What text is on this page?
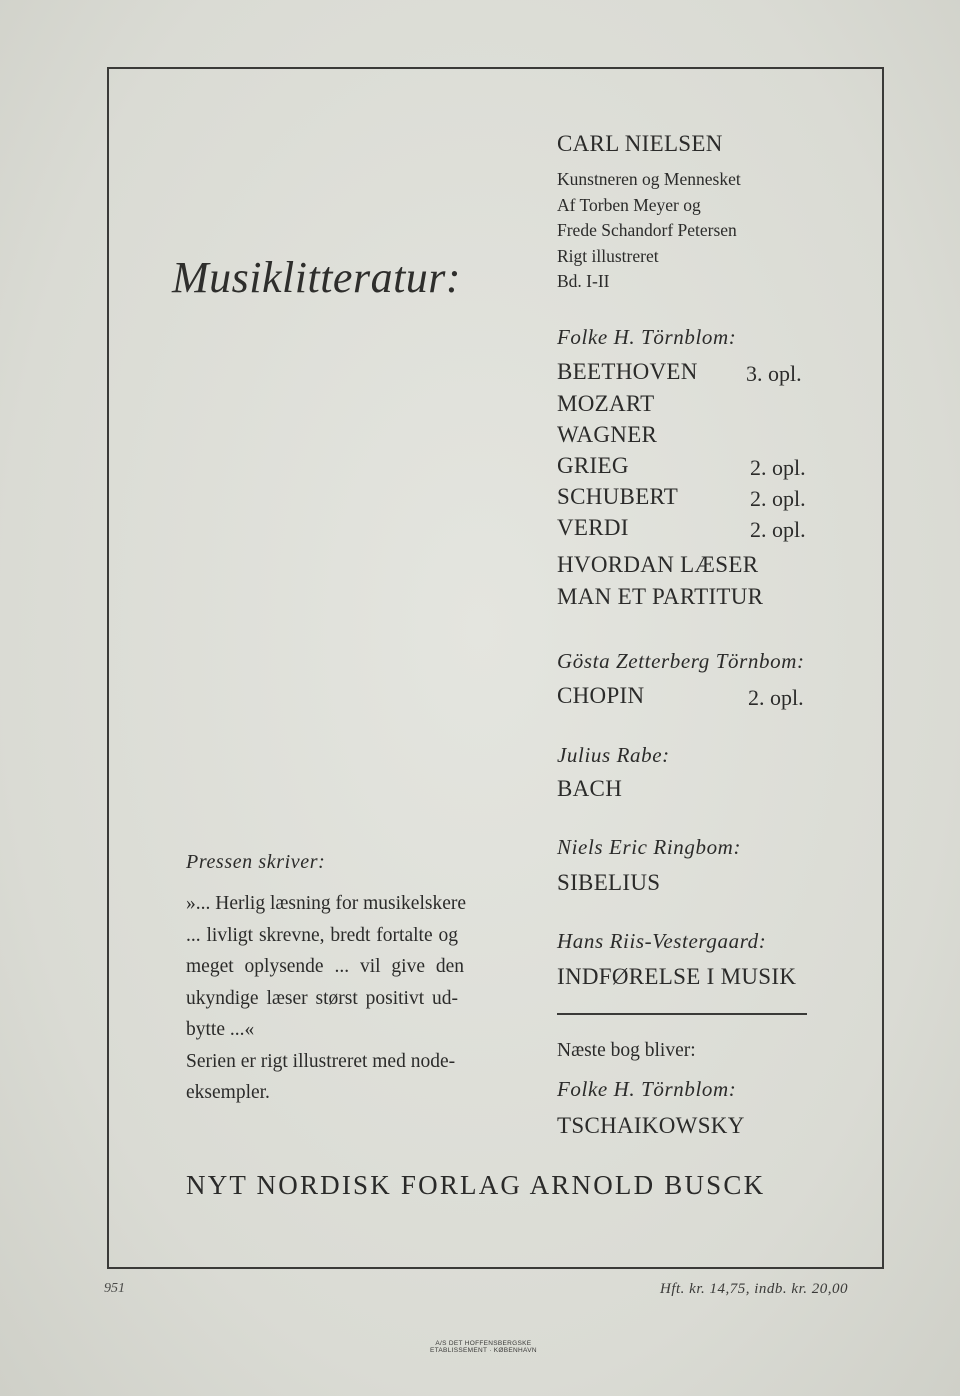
Musiklitteratur:
CARL NIELSEN
Kunstneren og Mennesket
Af Torben Meyer og
Frede Schandorf Petersen
Rigt illustreret
Bd. I-II
Folke H. Törnblom:
BEETHOVEN 3. opl.
MOZART
WAGNER
GRIEG	2. opl.
SCHUBERT	2. opl.
VERDI	2. opl.
HVORDAN LÆSER
MAN ET PARTITUR
Gösta Zetterberg Törnbom:
CHOPIN	2. opl.
Julius Rabe:
BACH
Niels Eric Ringbom:
SIBELIUS
Hans Riis-Vestergaard:
INDFØRELSE I MUSIK
Næste bog bliver:
Folke H. Törnblom:
TSCHAIKOWSKY
Pressen skriver:
»... Herlig læsning for musikelskere
... livligt skrevne, bredt fortalte og
meget oplysende ... vil give den
ukyndige læser størst positivt ud-
bytte ...«
Serien er rigt illustreret med node-
eksempler.
NYT NORDISK FORLAG ARNOLD BUSCK
951	Hft. kr. 14,75, indb. kr. 20,00
A/S DET HOFFENSBERGSKE
ETABLISSEMENT · KØBENHAVN
